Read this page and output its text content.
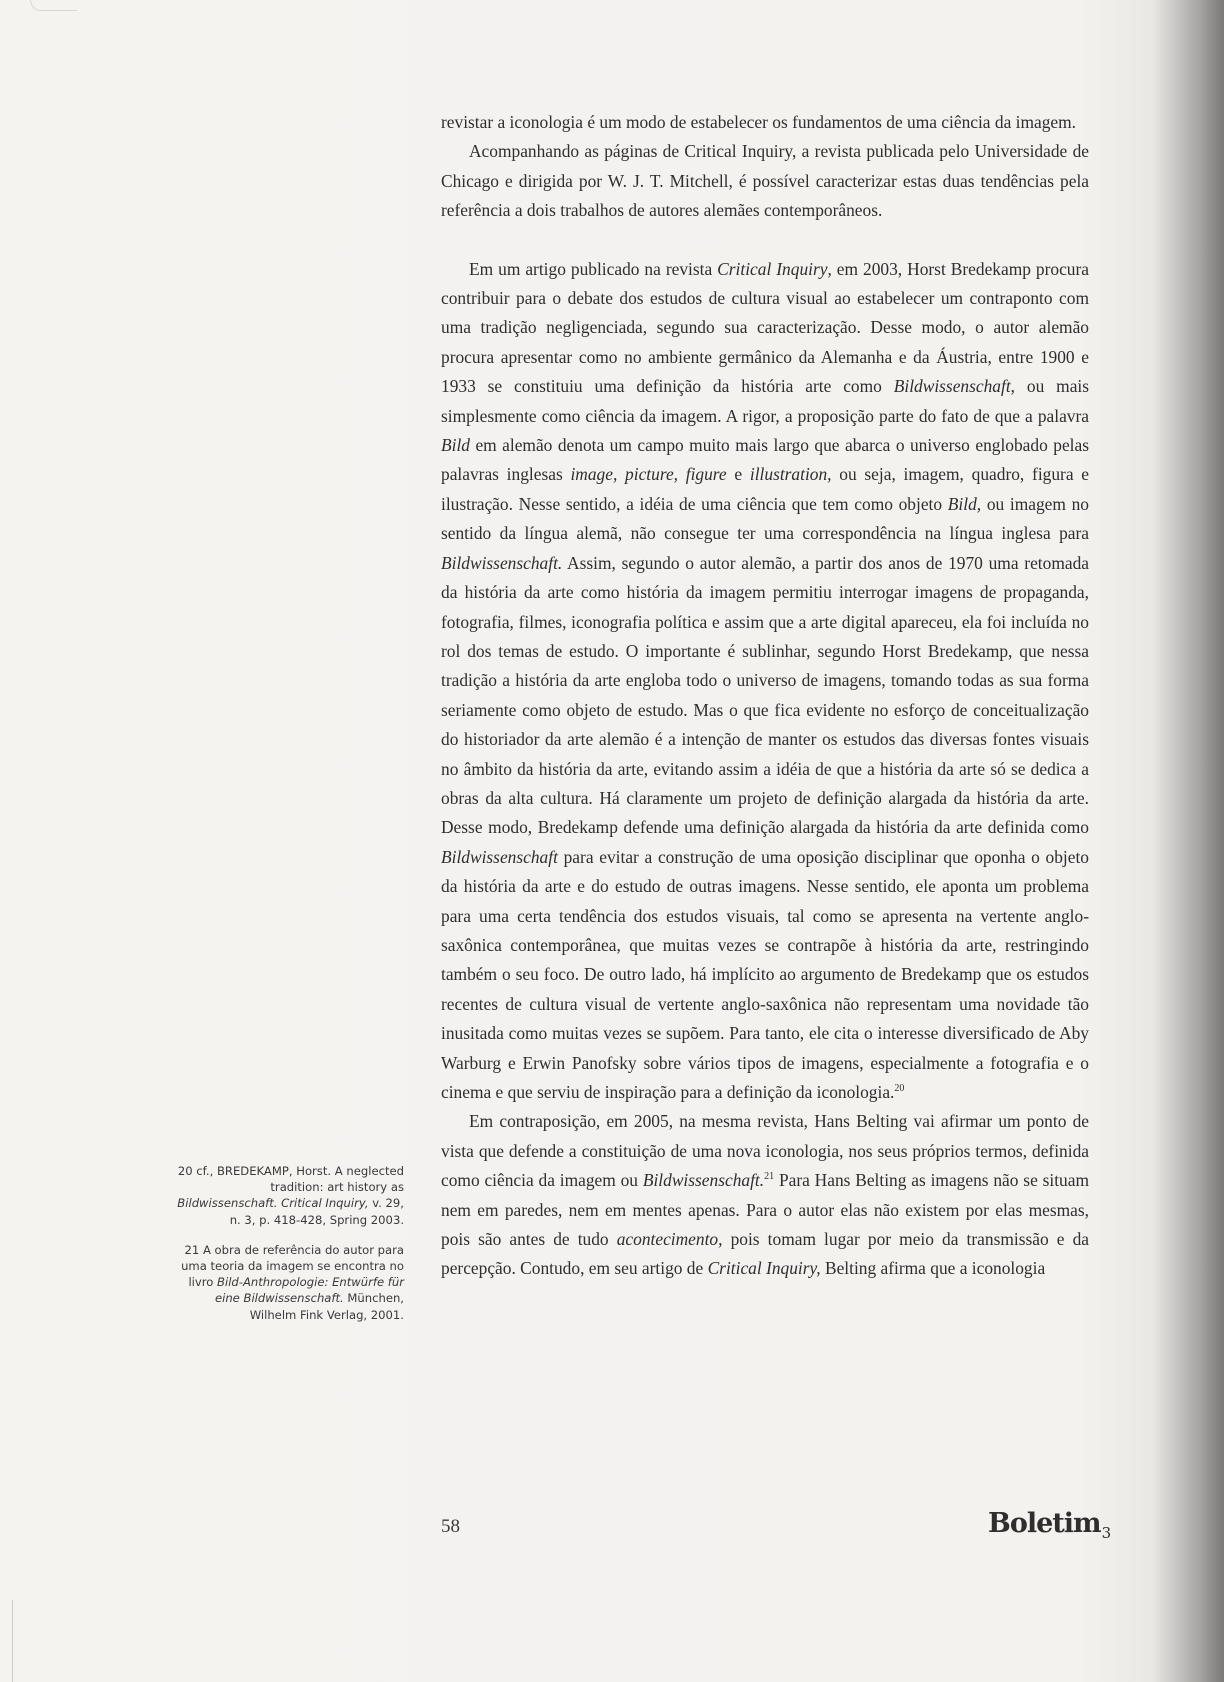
revistar a iconologia é um modo de estabelecer os fundamentos de uma ciência da imagem.

Acompanhando as páginas de Critical Inquiry, a revista publicada pelo Universidade de Chicago e dirigida por W. J. T. Mitchell, é possível caracterizar estas duas tendências pela referência a dois trabalhos de autores alemães contemporâneos.

Em um artigo publicado na revista Critical Inquiry, em 2003, Horst Bredekamp procura contribuir para o debate dos estudos de cultura visual ao estabelecer um contraponto com uma tradição negligenciada, segundo sua caracterização. Desse modo, o autor alemão procura apresentar como no ambiente germânico da Alemanha e da Áustria, entre 1900 e 1933 se constituiu uma definição da história arte como Bildwissenschaft, ou mais simplesmente como ciência da imagem. A rigor, a proposição parte do fato de que a palavra Bild em alemão denota um campo muito mais largo que abarca o universo englobado pelas palavras inglesas image, picture, figure e illustration, ou seja, imagem, quadro, figura e ilustração. Nesse sentido, a idéia de uma ciência que tem como objeto Bild, ou imagem no sentido da língua alemã, não consegue ter uma correspondência na língua inglesa para Bildwissenschaft. Assim, segundo o autor alemão, a partir dos anos de 1970 uma retomada da história da arte como história da imagem permitiu interrogar imagens de propaganda, fotografia, filmes, iconografia política e assim que a arte digital apareceu, ela foi incluída no rol dos temas de estudo. O importante é sublinhar, segundo Horst Bredekamp, que nessa tradição a história da arte engloba todo o universo de imagens, tomando todas as sua forma seriamente como objeto de estudo. Mas o que fica evidente no esforço de conceitualização do historiador da arte alemão é a intenção de manter os estudos das diversas fontes visuais no âmbito da história da arte, evitando assim a idéia de que a história da arte só se dedica a obras da alta cultura. Há claramente um projeto de definição alargada da história da arte. Desse modo, Bredekamp defende uma definição alargada da história da arte definida como Bildwissenschaft para evitar a construção de uma oposição disciplinar que oponha o objeto da história da arte e do estudo de outras imagens. Nesse sentido, ele aponta um problema para uma certa tendência dos estudos visuais, tal como se apresenta na vertente anglo-saxônica contemporânea, que muitas vezes se contrapõe à história da arte, restringindo também o seu foco. De outro lado, há implícito ao argumento de Bredekamp que os estudos recentes de cultura visual de vertente anglo-saxônica não representam uma novidade tão inusitada como muitas vezes se supõem. Para tanto, ele cita o interesse diversificado de Aby Warburg e Erwin Panofsky sobre vários tipos de imagens, especialmente a fotografia e o cinema e que serviu de inspiração para a definição da iconologia.$^{20}$

Em contraposição, em 2005, na mesma revista, Hans Belting vai afirmar um ponto de vista que defende a constituição de uma nova iconologia, nos seus próprios termos, definida como ciência da imagem ou Bildwissenschaft.$^{21}$ Para Hans Belting as imagens não se situam nem em paredes, nem em mentes apenas. Para o autor elas não existem por elas mesmas, pois são antes de tudo acontecimento, pois tomam lugar por meio da transmissão e da percepção. Contudo, em seu artigo de Critical Inquiry, Belting afirma que a iconologia

20 cf., BREDEKAMP, Horst. A neglected tradition: art history as Bildwissenschaft. Critical Inquiry, v. 29, n. 3, p. 418-428, Spring 2003.

21 A obra de referência do autor para uma teoria da imagem se encontra no livro Bild-Anthropologie: Entwürfe für eine Bildwissenschaft. München, Wilhelm Fink Verlag, 2001.

58	Boletim$_3$
